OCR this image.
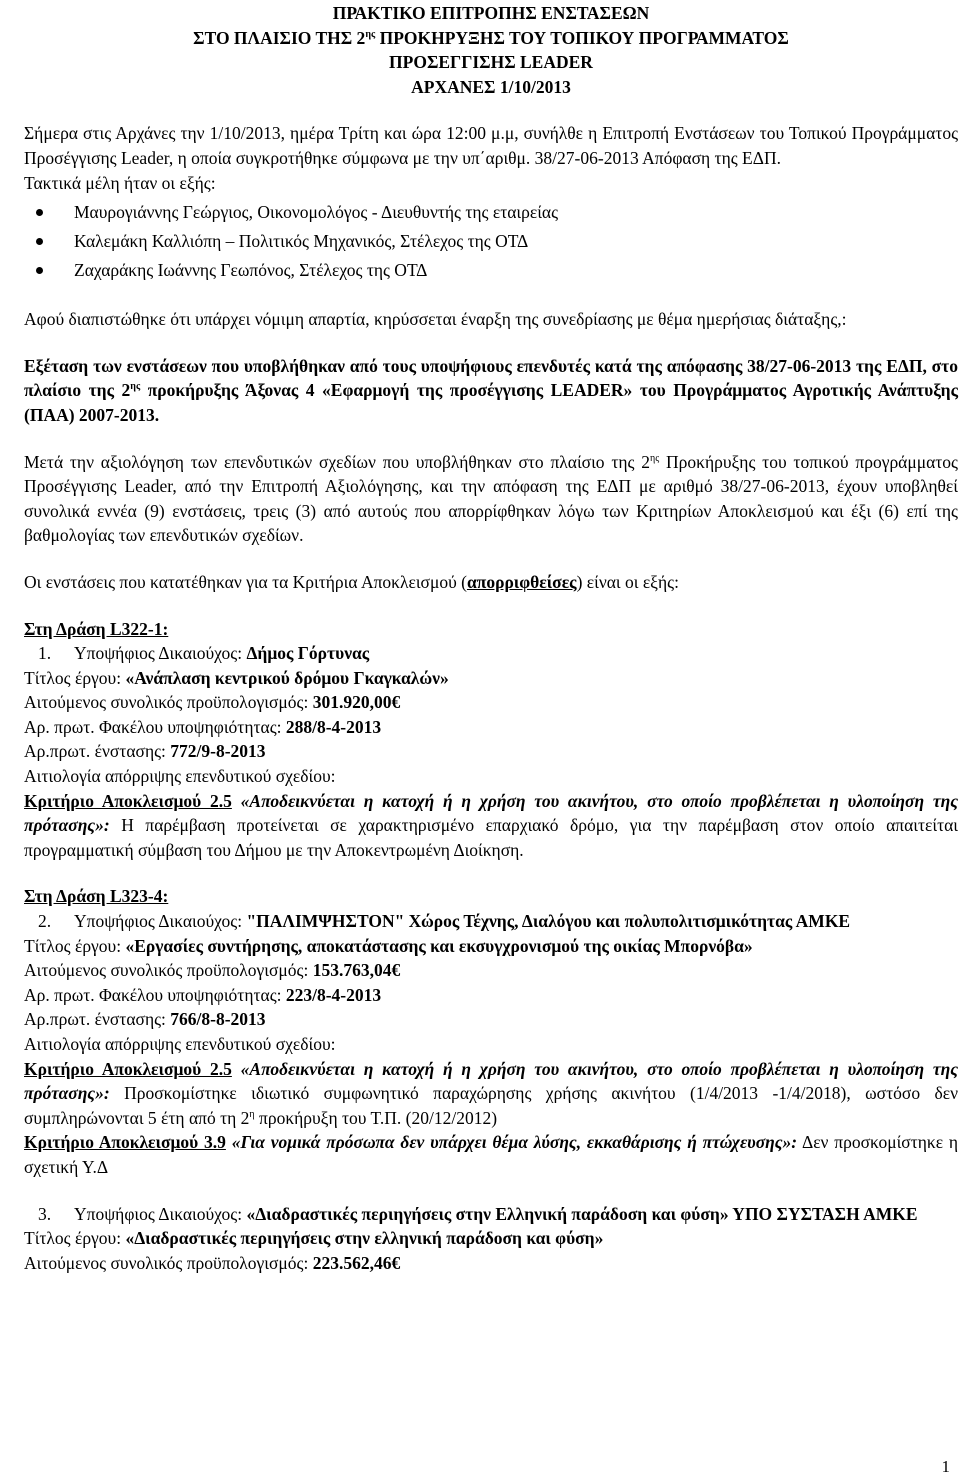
ΠΡΑΚΤΙΚΟ ΕΠΙΤΡΟΠΗΣ ΕΝΣΤΑΣΕΩΝ
ΣΤΟ ΠΛΑΙΣΙΟ ΤΗΣ $2^{\eta\varsigma}$ ΠΡΟΚΗΡΥΞΗΣ ΤΟΥ ΤΟΠΙΚΟΥ ΠΡΟΓΡΑΜΜΑΤΟΣ
ΠΡΟΣΕΓΓΙΣΗΣ LEADER
ΑΡΧΑΝΕΣ 1/10/2013

Σήμερα στις Αρχάνες την 1/10/2013, ημέρα Τρίτη και ώρα 12:00 μ.μ, συνήλθε η Επιτροπή Ενστάσεων του Τοπικού Προγράμματος Προσέγγισης Leader, η οποία συγκροτήθηκε σύμφωνα με την υπ΄αριθμ. 38/27-06-2013 Απόφαση της ΕΔΠ.

Τακτικά μέλη ήταν οι εξής:

Μαυρογιάννης Γεώργιος, Οικονομολόγος - Διευθυντής της εταιρείας
Καλεμάκη Καλλιόπη – Πολιτικός Μηχανικός, Στέλεχος της ΟΤΔ
Ζαχαράκης Ιωάννης Γεωπόνος, Στέλεχος της ΟΤΔ

Αφού διαπιστώθηκε ότι υπάρχει νόμιμη απαρτία, κηρύσσεται έναρξη της συνεδρίασης με θέμα ημερήσιας διάταξης,:

Εξέταση των ενστάσεων που υποβλήθηκαν από τους υποψήφιους επενδυτές κατά της απόφασης 38/27-06-2013 της ΕΔΠ, στο πλαίσιο της $2^{\eta\varsigma}$ προκήρυξης Άξονας 4 «Εφαρμογή της προσέγγισης LEADER» του Προγράμματος Αγροτικής Ανάπτυξης (ΠΑΑ) 2007-2013.

Μετά την αξιολόγηση των επενδυτικών σχεδίων που υποβλήθηκαν στο πλαίσιο της $2^{\eta\varsigma}$ Προκήρυξης του τοπικού προγράμματος Προσέγγισης Leader, από την Επιτροπή Αξιολόγησης, και την απόφαση της ΕΔΠ με αριθμό 38/27-06-2013, έχουν υποβληθεί συνολικά εννέα (9) ενστάσεις, τρεις (3) από αυτούς που απορρίφθηκαν λόγω των Κριτηρίων Αποκλεισμού και έξι (6) επί της βαθμολογίας των επενδυτικών σχεδίων.

Οι ενστάσεις που κατατέθηκαν για τα Κριτήρια Αποκλεισμού (απορριφθείσες) είναι οι εξής:

Στη Δράση L322-1:

1. Υποψήφιος Δικαιούχος: Δήμος Γόρτυνας

Τίτλος έργου: «Ανάπλαση κεντρικού δρόμου Γκαγκαλών»

Αιτούμενος συνολικός προϋπολογισμός: 301.920,00€

Αρ. πρωτ. Φακέλου υποψηφιότητας: 288/8-4-2013

Αρ.πρωτ. ένστασης: 772/9-8-2013

Αιτιολογία απόρριψης επενδυτικού σχεδίου:

Κριτήριο Αποκλεισμού 2.5 «Αποδεικνύεται η κατοχή ή η χρήση του ακινήτου, στο οποίο προβλέπεται η υλοποίηση της πρότασης»: Η παρέμβαση προτείνεται σε χαρακτηρισμένο επαρχιακό δρόμο, για την παρέμβαση στον οποίο απαιτείται προγραμματική σύμβαση του Δήμου με την Αποκεντρωμένη Διοίκηση.

Στη Δράση L323-4:

2. Υποψήφιος Δικαιούχος: "ΠΑΛΙΜΨΗΣΤΟΝ" Χώρος Τέχνης, Διαλόγου και πολυπολιτισμικότητας ΑΜΚΕ

Τίτλος έργου: «Εργασίες συντήρησης, αποκατάστασης και εκσυγχρονισμού της οικίας Μπορνόβα»

Αιτούμενος συνολικός προϋπολογισμός: 153.763,04€

Αρ. πρωτ. Φακέλου υποψηφιότητας: 223/8-4-2013

Αρ.πρωτ. ένστασης: 766/8-8-2013

Αιτιολογία απόρριψης επενδυτικού σχεδίου:

Κριτήριο Αποκλεισμού 2.5 «Αποδεικνύεται η κατοχή ή η χρήση του ακινήτου, στο οποίο προβλέπεται η υλοποίηση της πρότασης»: Προσκομίστηκε ιδιωτικό συμφωνητικό παραχώρησης χρήσης ακινήτου (1/4/2013 -1/4/2018), ωστόσο δεν συμπληρώνονται 5 έτη από τη $2^\eta$ προκήρυξη του Τ.Π. (20/12/2012)

Κριτήριο Αποκλεισμού 3.9 «Για νομικά πρόσωπα δεν υπάρχει θέμα λύσης, εκκαθάρισης ή πτώχευσης»: Δεν προσκομίστηκε η σχετική Υ.Δ

3. Υποψήφιος Δικαιούχος: «Διαδραστικές περιηγήσεις στην Ελληνική παράδοση και φύση» ΥΠΟ ΣΥΣΤΑΣΗ ΑΜΚΕ

Τίτλος έργου: «Διαδραστικές περιηγήσεις στην ελληνική παράδοση και φύση»

Αιτούμενος συνολικός προϋπολογισμός: 223.562,46€

1
